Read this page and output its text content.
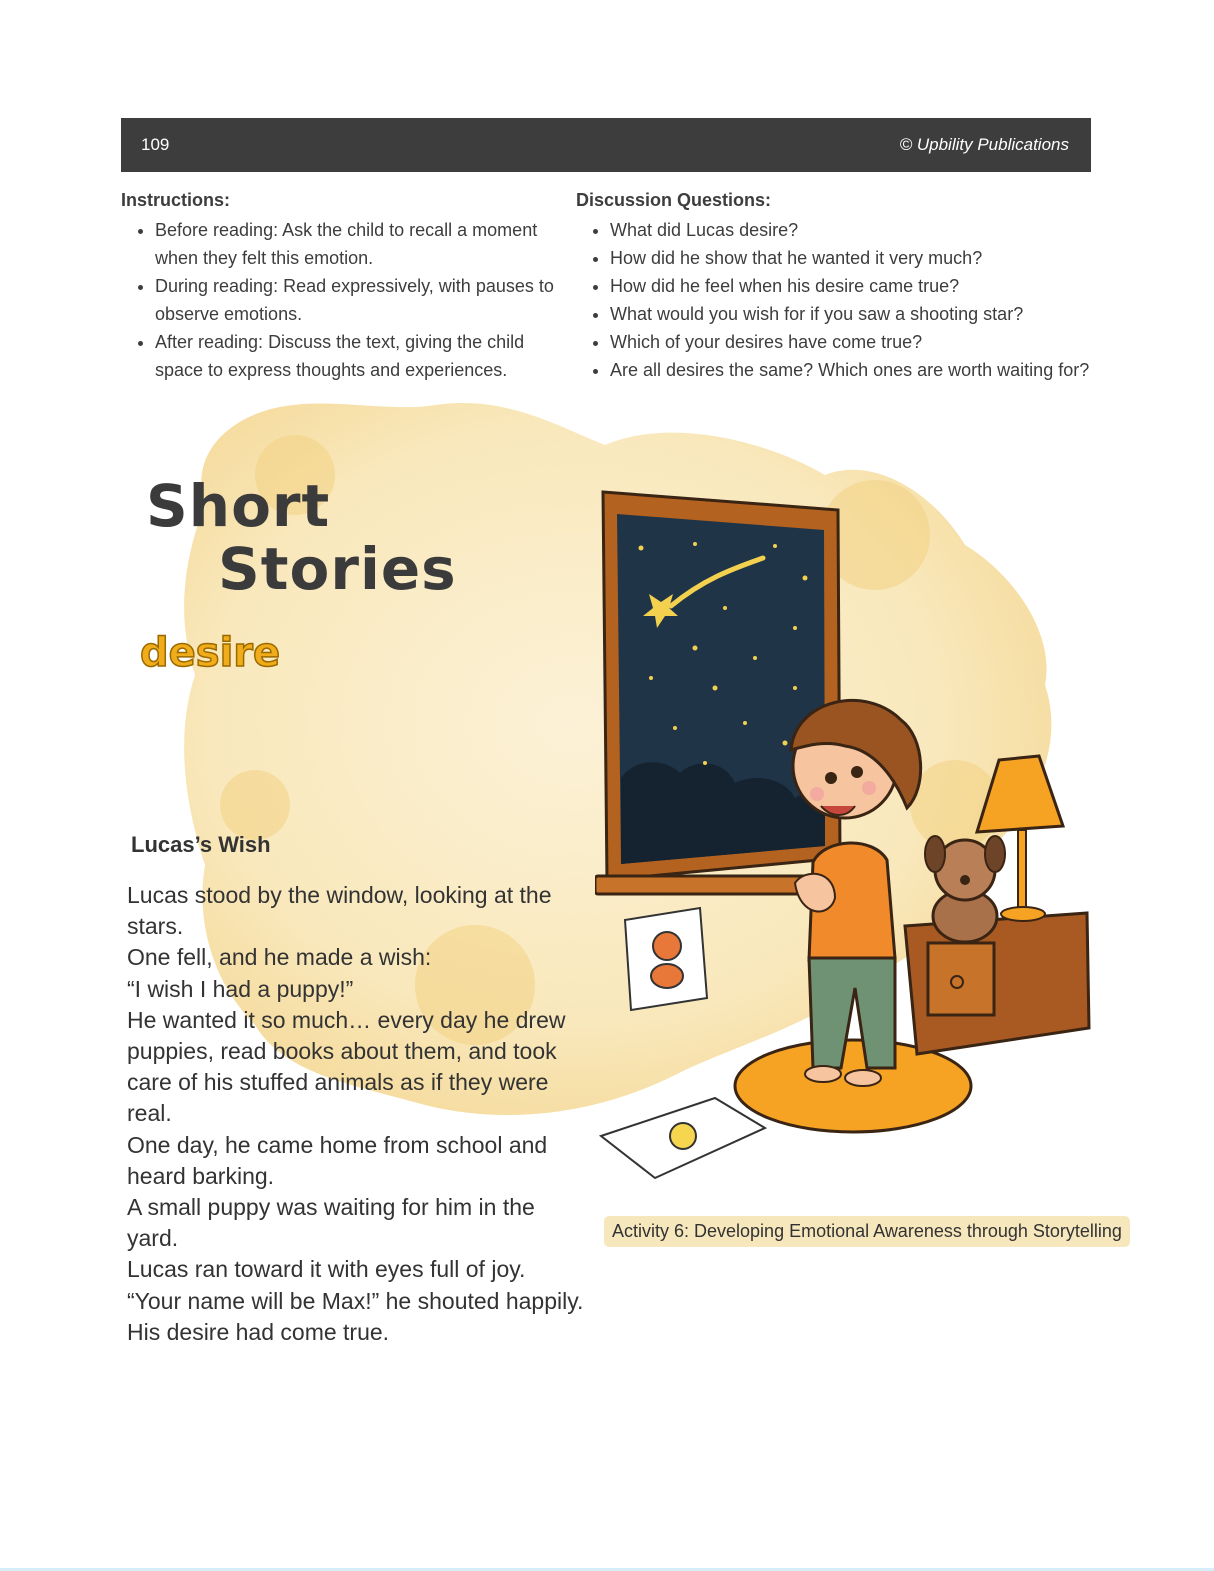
109	© Upbility Publications
Instructions:
• Before reading: Ask the child to recall a moment when they felt this emotion.
• During reading: Read expressively, with pauses to observe emotions.
• After reading: Discuss the text, giving the child space to express thoughts and experiences.
Discussion Questions:
• What did Lucas desire?
• How did he show that he wanted it very much?
• How did he feel when his desire came true?
• What would you wish for if you saw a shooting star?
• Which of your desires have come true?
• Are all desires the same? Which ones are worth waiting for?
Short
Stories
desire
Lucas’s Wish

Lucas stood by the window, looking at the stars.

One fell, and he made a wish:

“I wish I had a puppy!”

He wanted it so much… every day he drew puppies, read books about them, and took care of his stuffed animals as if they were real.

One day, he came home from school and heard barking.

A small puppy was waiting for him in the yard.

Lucas ran toward it with eyes full of joy.

“Your name will be Max!” he shouted happily.

His desire had come true.

Activity 6: Developing Emotional Awareness through Storytelling
